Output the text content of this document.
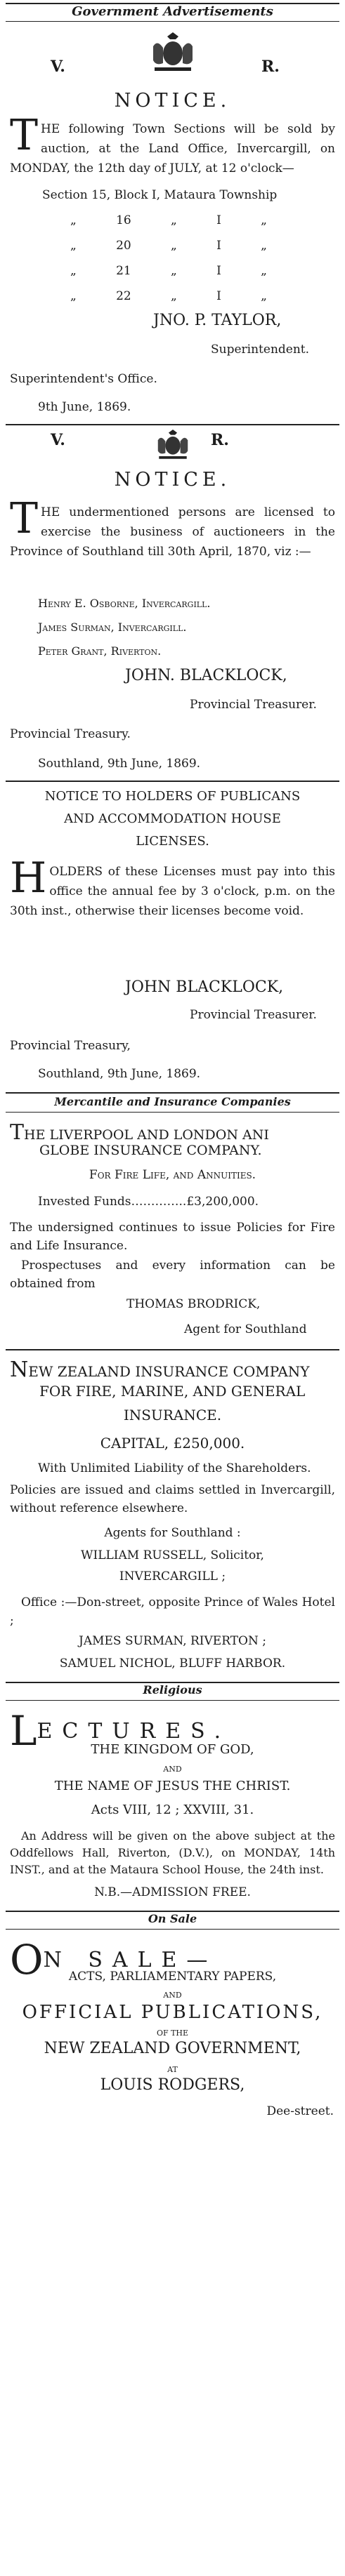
Government Advertisements
V.	R.
NOTICE.
THE following Town Sections will be sold by auction, at the Land Office, Invercargill, on MONDAY, the 12th day of JULY, at 12 o'clock—
Section 15, Block I, Mataura Township
„	16	„	I	„
„	20	„	I	„
„	21	„	I	„
„	22	„	I	„
JNO. P. TAYLOR,
Superintendent.
Superintendent's Office.
9th June, 1869.
V.	R.
NOTICE.
THE undermentioned persons are licensed to exercise the business of auctioneers in the Province of Southland till 30th April, 1870, viz :—
Henry E. Osborne, Invercargill.
James Surman, Invercargill.
Peter Grant, Riverton.
JOHN. BLACKLOCK,
Provincial Treasurer.
Provincial Treasury.
Southland, 9th June, 1869.
NOTICE TO HOLDERS OF PUBLICANS
AND ACCOMMODATION HOUSE
LICENSES.
HOLDERS of these Licenses must pay into this office the annual fee by 3 o'clock, p.m. on the 30th inst., otherwise their licenses become void.
JOHN BLACKLOCK,
Provincial Treasurer.
Provincial Treasury,
Southland, 9th June, 1869.
Mercantile and Insurance Companies
THE LIVERPOOL AND LONDON ANI
GLOBE INSURANCE COMPANY.
For Fire Life, and Annuities.
Invested Funds…………..£3,200,000.
The undersigned continues to issue Policies for Fire and Life Insurance.
Prospectuses and every information can be obtained from
THOMAS BRODRICK,
Agent for Southland
NEW ZEALAND INSURANCE COMPANY
FOR FIRE, MARINE, AND GENERAL
INSURANCE.
CAPITAL, £250,000.
With Unlimited Liability of the Shareholders.
Policies are issued and claims settled in Invercargill, without reference elsewhere.
Agents for Southland :
WILLIAM RUSSELL, Solicitor,
INVERCARGILL ;
Office :—Don-street, opposite Prince of Wales Hotel ;
JAMES SURMAN, RIVERTON ;
SAMUEL NICHOL, BLUFF HARBOR.
Religious
LECTURES.
THE KINGDOM OF GOD,
AND
THE NAME OF JESUS THE CHRIST.
Acts VIII, 12 ; XXVIII, 31.
An Address will be given on the above subject at the Oddfellows Hall, Riverton, (D.V.), on MONDAY, 14th INST., and at the Mataura School House, the 24th inst.
N.B.—ADMISSION FREE.
On Sale
ON SALE—
ACTS, PARLIAMENTARY PAPERS,
AND
OFFICIAL PUBLICATIONS,
OF THE
NEW ZEALAND GOVERNMENT,
AT
LOUIS RODGERS,
Dee-street.
